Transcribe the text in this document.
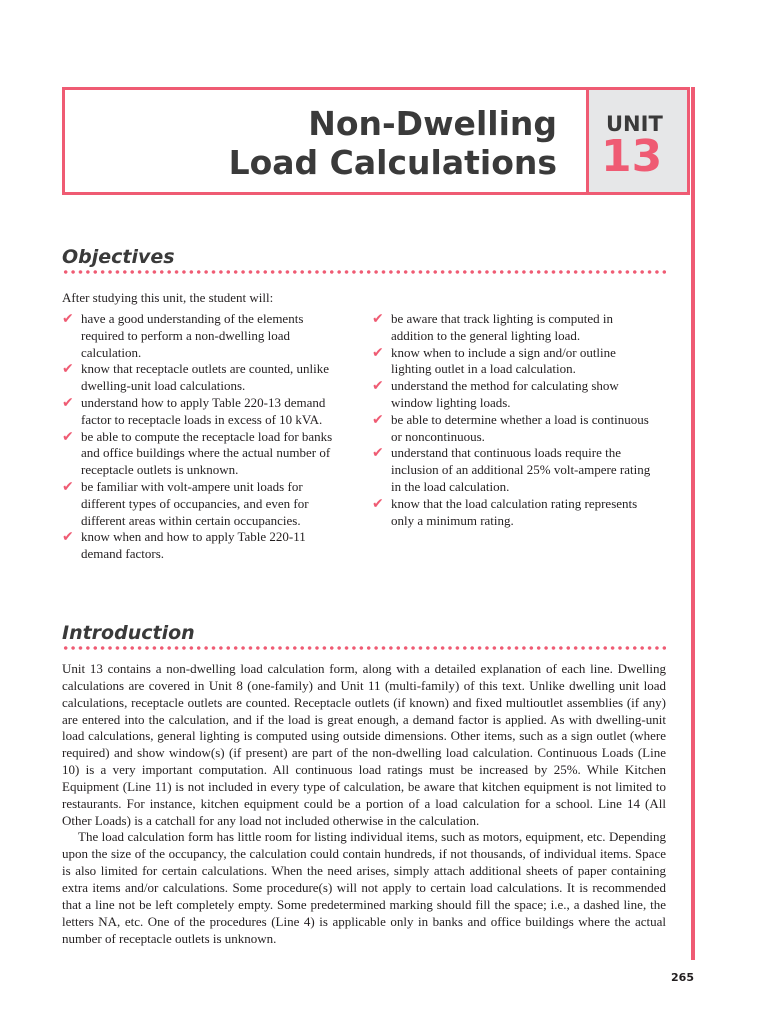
Non-Dwelling
Load Calculations
UNIT
13
Objectives
After studying this unit, the student will:
✔ have a good understanding of the elements required to perform a non-dwelling load calculation.
✔ know that receptacle outlets are counted, unlike dwelling-unit load calculations.
✔ understand how to apply Table 220-13 demand factor to receptacle loads in excess of 10 kVA.
✔ be able to compute the receptacle load for banks and office buildings where the actual number of receptacle outlets is unknown.
✔ be familiar with volt-ampere unit loads for different types of occupancies, and even for different areas within certain occupancies.
✔ know when and how to apply Table 220-11 demand factors.
✔ be aware that track lighting is computed in addition to the general lighting load.
✔ know when to include a sign and/or outline lighting outlet in a load calculation.
✔ understand the method for calculating show window lighting loads.
✔ be able to determine whether a load is continuous or noncontinuous.
✔ understand that continuous loads require the inclusion of an additional 25% volt-ampere rating in the load calculation.
✔ know that the load calculation rating represents only a minimum rating.
Introduction

Unit 13 contains a non-dwelling load calculation form, along with a detailed explanation of each line. Dwelling calculations are covered in Unit 8 (one-family) and Unit 11 (multi-family) of this text. Unlike dwelling unit load calculations, receptacle outlets are counted. Receptacle outlets (if known) and fixed multioutlet assemblies (if any) are entered into the calculation, and if the load is great enough, a demand factor is applied. As with dwelling-unit load calculations, general lighting is computed using outside dimensions. Other items, such as a sign outlet (where required) and show window(s) (if present) are part of the non-dwelling load calculation. Continuous Loads (Line 10) is a very important computation. All continuous load ratings must be increased by 25%. While Kitchen Equipment (Line 11) is not included in every type of calculation, be aware that kitchen equipment is not limited to restaurants. For instance, kitchen equipment could be a portion of a load calculation for a school. Line 14 (All Other Loads) is a catchall for any load not included otherwise in the calculation.

The load calculation form has little room for listing individual items, such as motors, equipment, etc. Depending upon the size of the occupancy, the calculation could contain hundreds, if not thousands, of individual items. Space is also limited for certain calculations. When the need arises, simply attach additional sheets of paper containing extra items and/or calculations. Some procedure(s) will not apply to certain load calculations. It is recommended that a line not be left completely empty. Some predetermined marking should fill the space; i.e., a dashed line, the letters NA, etc. One of the procedures (Line 4) is applicable only in banks and office buildings where the actual number of receptacle outlets is unknown.

265
